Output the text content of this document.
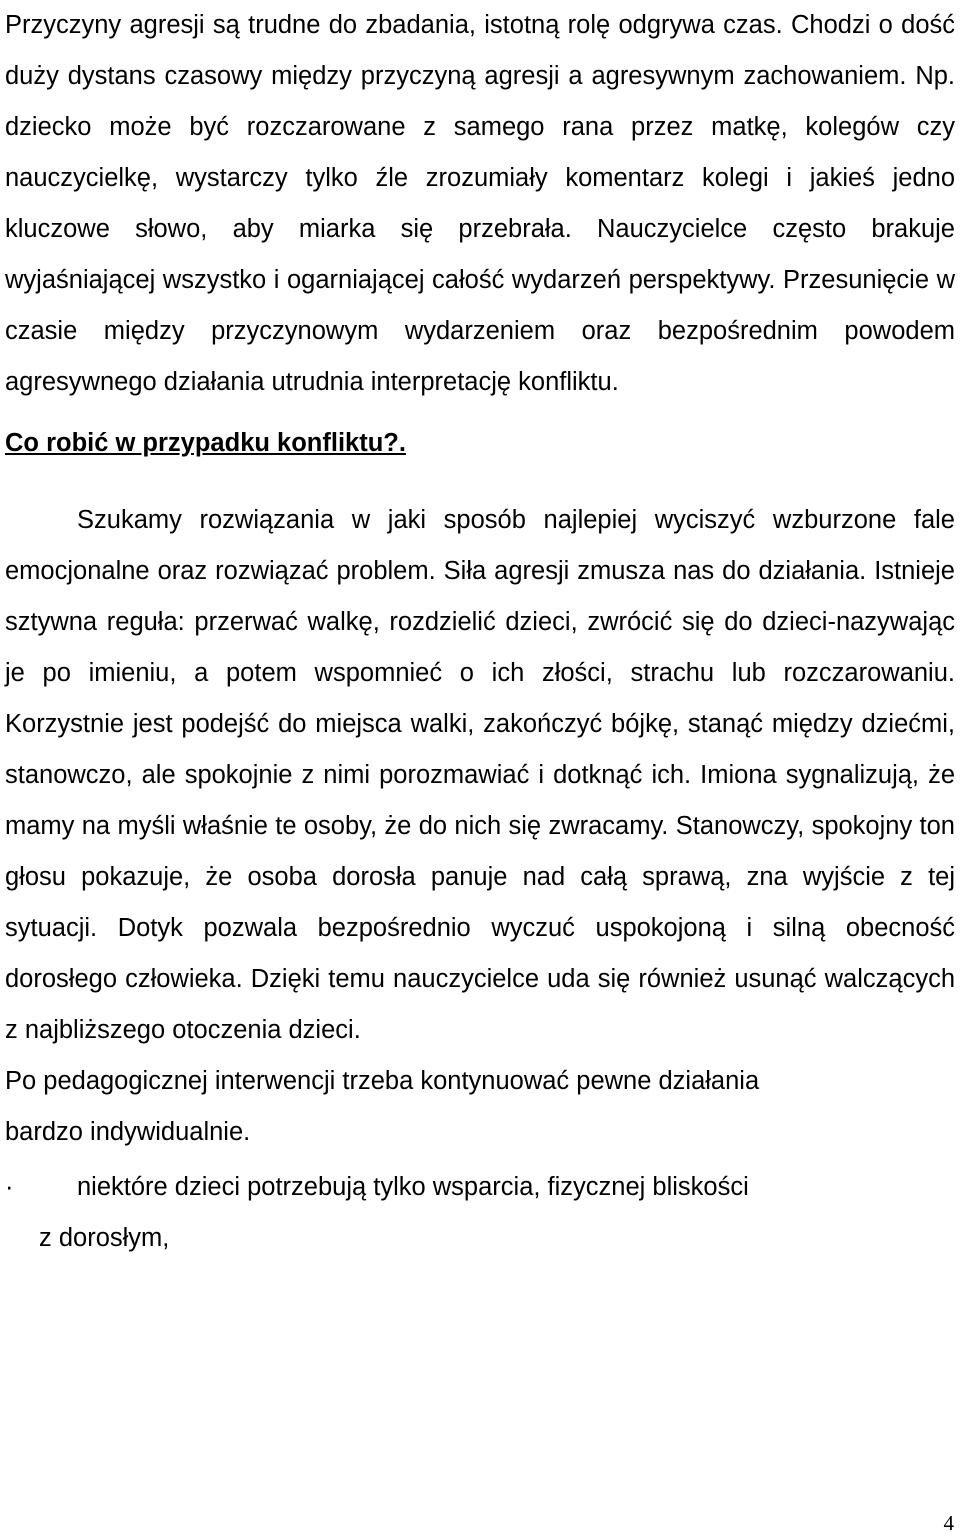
Przyczyny agresji są trudne do zbadania, istotną rolę odgrywa czas. Chodzi o dość duży dystans czasowy między przyczyną agresji a agresywnym zachowaniem. Np. dziecko może być rozczarowane z samego rana przez matkę, kolegów czy nauczycielkę, wystarczy tylko źle zrozumiały komentarz kolegi i jakieś jedno kluczowe słowo, aby miarka się przebrała. Nauczycielce często brakuje wyjaśniającej wszystko i ogarniającej całość wydarzeń perspektywy. Przesunięcie w czasie między przyczynowym wydarzeniem oraz bezpośrednim powodem agresywnego działania utrudnia interpretację konfliktu.

Co robić w przypadku konfliktu?.

Szukamy rozwiązania w jaki sposób najlepiej wyciszyć wzburzone fale emocjonalne oraz rozwiązać problem. Siła agresji zmusza nas do działania. Istnieje sztywna reguła: przerwać walkę, rozdzielić dzieci, zwrócić się do dzieci-nazywając je po imieniu, a potem wspomnieć o ich złości, strachu lub rozczarowaniu. Korzystnie jest podejść do miejsca walki, zakończyć bójkę, stanąć między dziećmi, stanowczo, ale spokojnie z nimi porozmawiać i dotknąć ich. Imiona sygnalizują, że mamy na myśli właśnie te osoby, że do nich się zwracamy. Stanowczy, spokojny ton głosu pokazuje, że osoba dorosła panuje nad całą sprawą, zna wyjście z tej sytuacji. Dotyk pozwala bezpośrednio wyczuć uspokojoną i silną obecność dorosłego człowieka. Dzięki temu nauczycielce uda się również usunąć walczących z najbliższego otoczenia dzieci.

Po pedagogicznej interwencji trzeba kontynuować pewne działania
bardzo indywidualnie.

·	niektóre dzieci potrzebują tylko wsparcia, fizycznej bliskości
z dorosłym,
4
